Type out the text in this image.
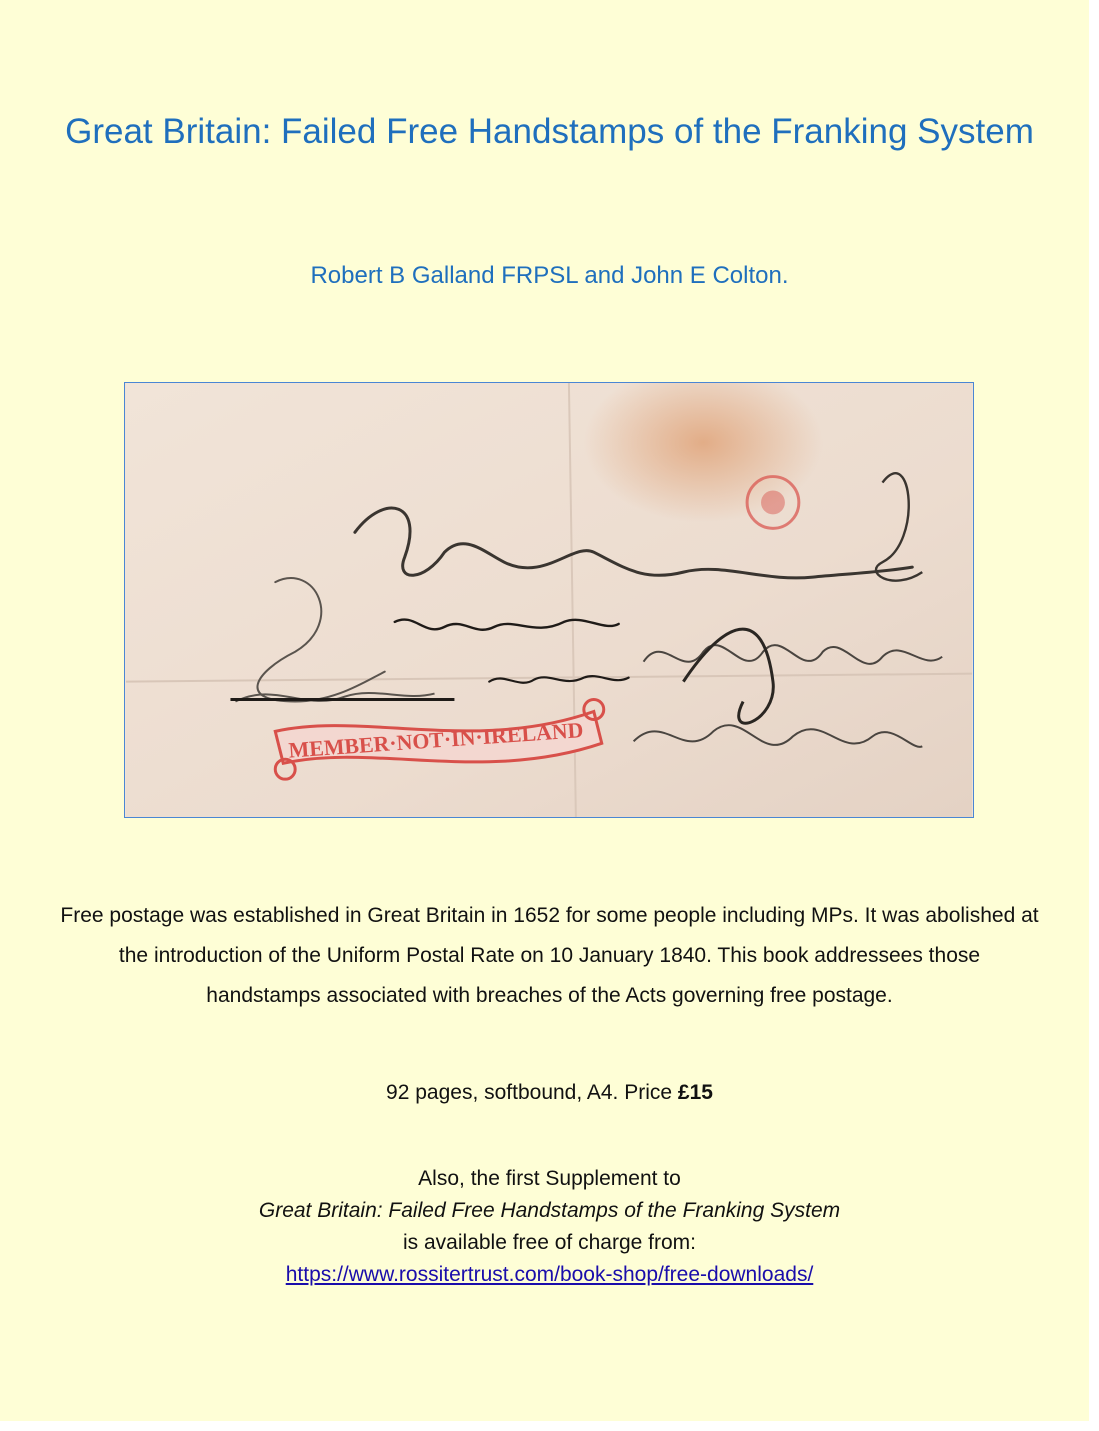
Great Britain: Failed Free Handstamps of the Franking System
Robert B Galland FRPSL and John E Colton.
MEMBER·NOT·IN·IRELAND

Free postage was established in Great Britain in 1652 for some people including MPs. It was abolished at the introduction of the Uniform Postal Rate on 10 January 1840. This book addressees those handstamps associated with breaches of the Acts governing free postage.

92 pages, softbound, A4. Price £15

Also, the first Supplement to
Great Britain: Failed Free Handstamps of the Franking System
is available free of charge from:
https://www.rossitertrust.com/book-shop/free-downloads/
